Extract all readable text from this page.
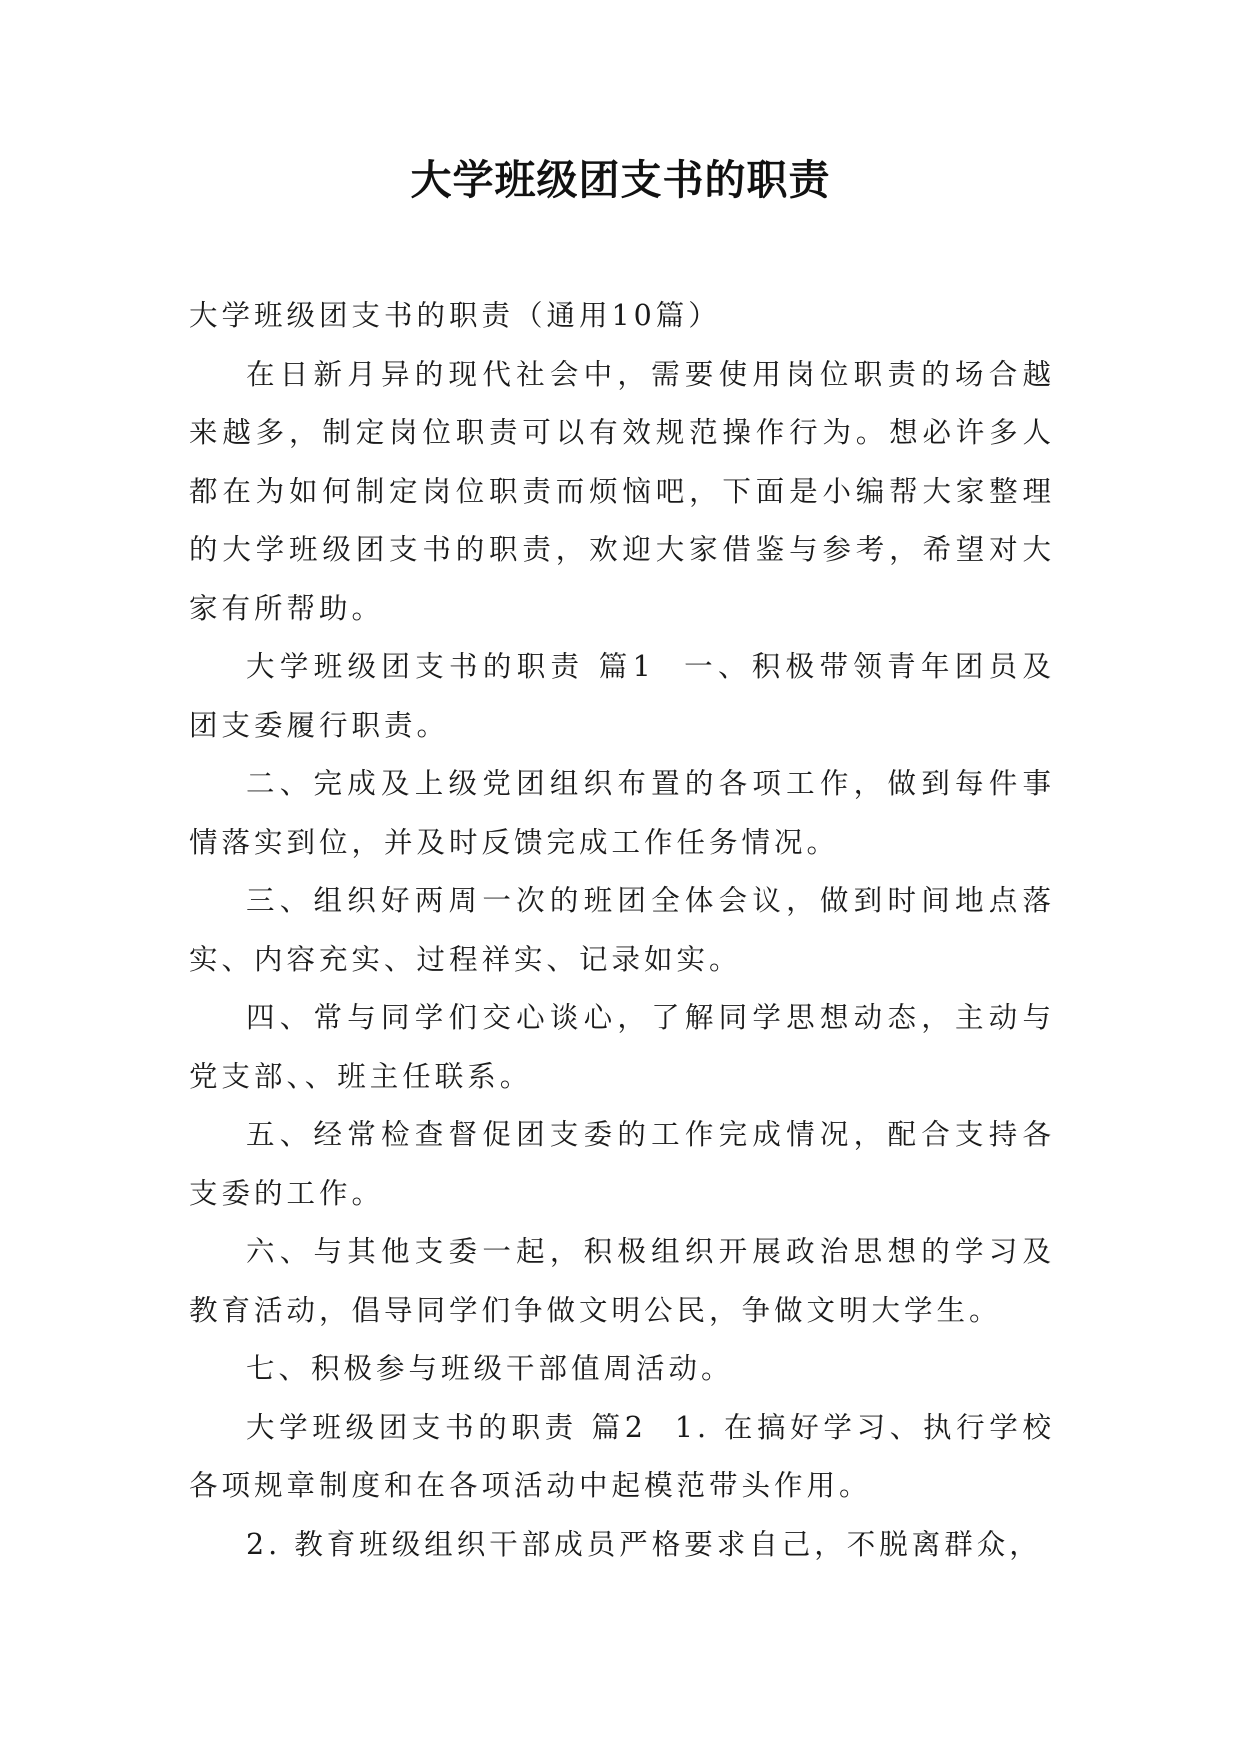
大学班级团支书的职责

大学班级团支书的职责（通用10篇）

在日新月异的现代社会中，需要使用岗位职责的场合越来越多，制定岗位职责可以有效规范操作行为。想必许多人都在为如何制定岗位职责而烦恼吧，下面是小编帮大家整理的大学班级团支书的职责，欢迎大家借鉴与参考，希望对大家有所帮助。

大学班级团支书的职责 篇1 一、积极带领青年团员及团支委履行职责。

二、完成及上级党团组织布置的各项工作，做到每件事情落实到位，并及时反馈完成工作任务情况。

三、组织好两周一次的班团全体会议，做到时间地点落实、内容充实、过程祥实、记录如实。

四、常与同学们交心谈心，了解同学思想动态，主动与党支部、、班主任联系。

五、经常检查督促团支委的工作完成情况，配合支持各支委的工作。

六、与其他支委一起，积极组织开展政治思想的学习及教育活动，倡导同学们争做文明公民，争做文明大学生。

七、积极参与班级干部值周活动。

大学班级团支书的职责 篇2 1. 在搞好学习、执行学校各项规章制度和在各项活动中起模范带头作用。

2. 教育班级组织干部成员严格要求自己，不脱离群众，
